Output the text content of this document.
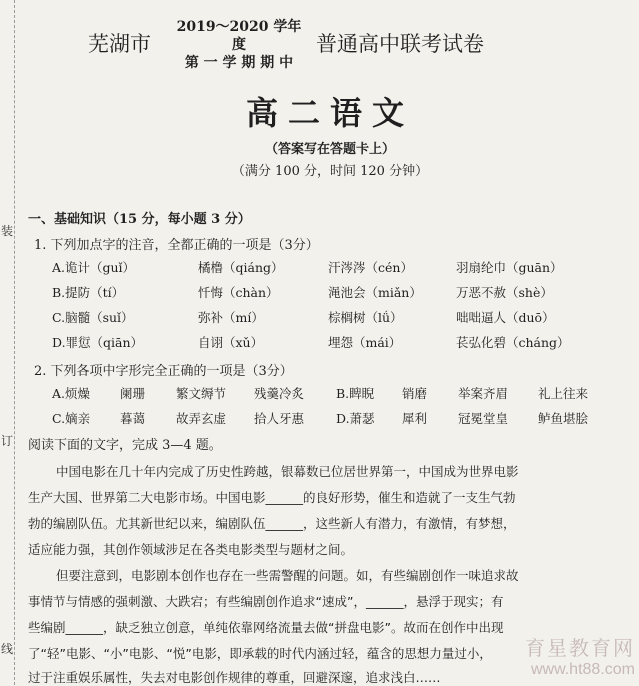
装
订
线
芜湖市
2019～2020 学年度
第 一 学 期 期 中
普通高中联考试卷
高二语文
（答案写在答题卡上）
（满分 100 分，时间 120 分钟）
一、基础知识（15 分，每小题 3 分）
1. 下列加点字的注音，全都正确的一项是（3分）
A.诡计（guǐ）	橘橹（qiáng）	汗涔涔（cén）	羽扇纶巾（guān）
B.提防（tí）	忏悔（chàn）	渑池会（miǎn）	万恶不赦（shè）
C.脑髓（suǐ）	弥补（mí）	棕榈树（lǘ）	咄咄逼人（duō）
D.罪愆（qiān）	自诩（xǔ）	埋怨（mái）	苌弘化碧（cháng）
2. 下列各项中字形完全正确的一项是（3分）
A.烦燥 阑珊 繁文缛节 残羹冷炙	B.睥睨 销磨 举案齐眉 礼上往来
C.嫡亲 暮蔼 故弄玄虚 拾人牙惠	D.萧瑟 犀利 冠冕堂皇 鲈鱼堪脍
阅读下面的文字，完成 3—4 题。
中国电影在几十年内完成了历史性跨越，银幕数已位居世界第一，中国成为世界电影
生产大国、世界第二大电影市场。中国电影______的良好形势，催生和造就了一支生气勃
勃的编剧队伍。尤其新世纪以来，编剧队伍______，这些新人有潜力，有激情，有梦想，
适应能力强，其创作领域涉足在各类电影类型与题材之间。
但要注意到，电影剧本创作也存在一些需警醒的问题。如，有些编剧创作一味追求故
事情节与情感的强刺激、大跌宕；有些编剧创作追求“速成”，______，悬浮于现实；有
些编剧______，缺乏独立创意，单纯依靠网络流量去做“拼盘电影”。故而在创作中出现
了“轻”电影、“小”电影、“悦”电影，即承载的时代内涵过轻，蕴含的思想力量过小，
过于注重娱乐属性，失去对电影创作规律的尊重，回避深邃，追求浅白……
育星教育网
www.ht88.com
